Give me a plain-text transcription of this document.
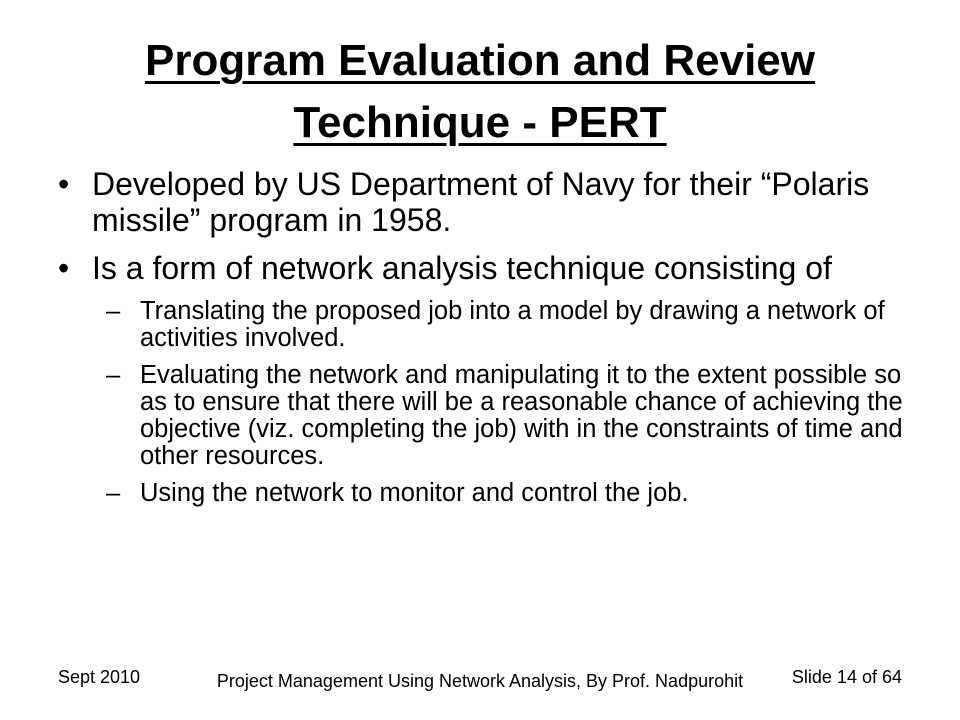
Program Evaluation and Review Technique - PERT
• Developed by US Department of Navy for their “Polaris missile” program in 1958.
• Is a form of network analysis technique consisting of
– Translating the proposed job into a model by drawing a network of activities involved.
– Evaluating the network and manipulating it to the extent possible so as to ensure that there will be a reasonable chance of achieving the objective (viz. completing the job) with in the constraints of time and other resources.
– Using the network to monitor and control the job.
Sept 2010	Project Management Using Network Analysis, By Prof. Nadpurohit	Slide 14 of 64
